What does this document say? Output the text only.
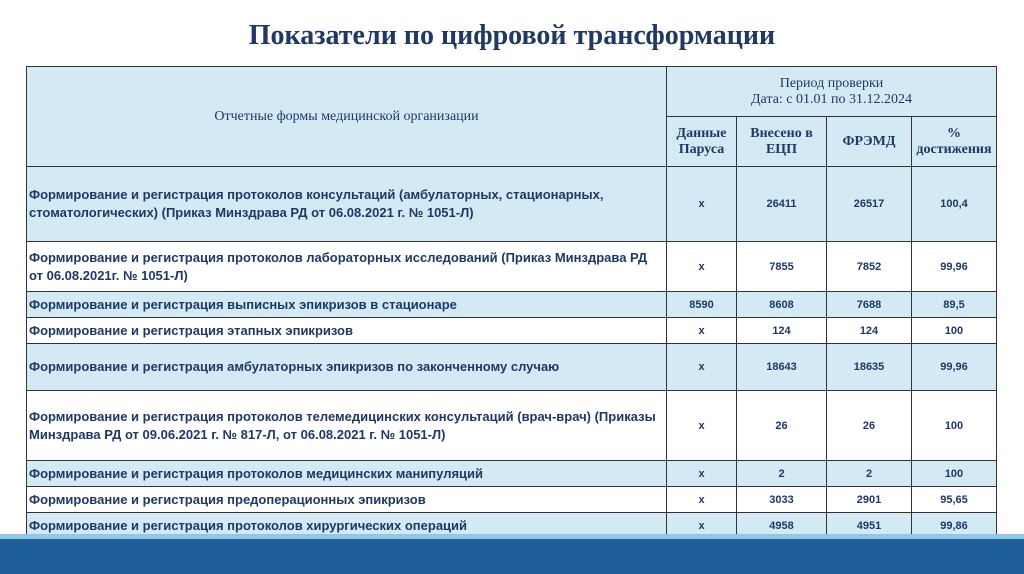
Показатели по цифровой трансформации
Отчетные формы медицинской организации	Период проверки
Дата: с 01.01 по 31.12.2024			

	Данные Паруса	Внесено в ЕЦП	ФРЭМД	% достижения
Формирование и регистрация протоколов консультаций (амбулаторных, стационарных, стоматологических) (Приказ Минздрава РД от 06.08.2021 г. № 1051-Л)	x	26411	26517	100,4
Формирование и регистрация протоколов лабораторных исследований (Приказ Минздрава РД от 06.08.2021г. № 1051-Л)	x	7855	7852	99,96
Формирование и регистрация выписных эпикризов в стационаре	8590	8608	7688	89,5
Формирование и регистрация этапных эпикризов	x	124	124	100
Формирование и регистрация амбулаторных эпикризов по законченному случаю	x	18643	18635	99,96
Формирование и регистрация протоколов телемедицинских консультаций (врач-врач) (Приказы Минздрава РД от 09.06.2021 г. № 817-Л, от 06.08.2021 г. № 1051-Л)	x	26	26	100
Формирование и регистрация протоколов медицинских манипуляций	x	2	2	100
Формирование и регистрация предоперационных эпикризов	x	3033	2901	95,65
Формирование и регистрация протоколов хирургических операций	x	4958	4951	99,86
